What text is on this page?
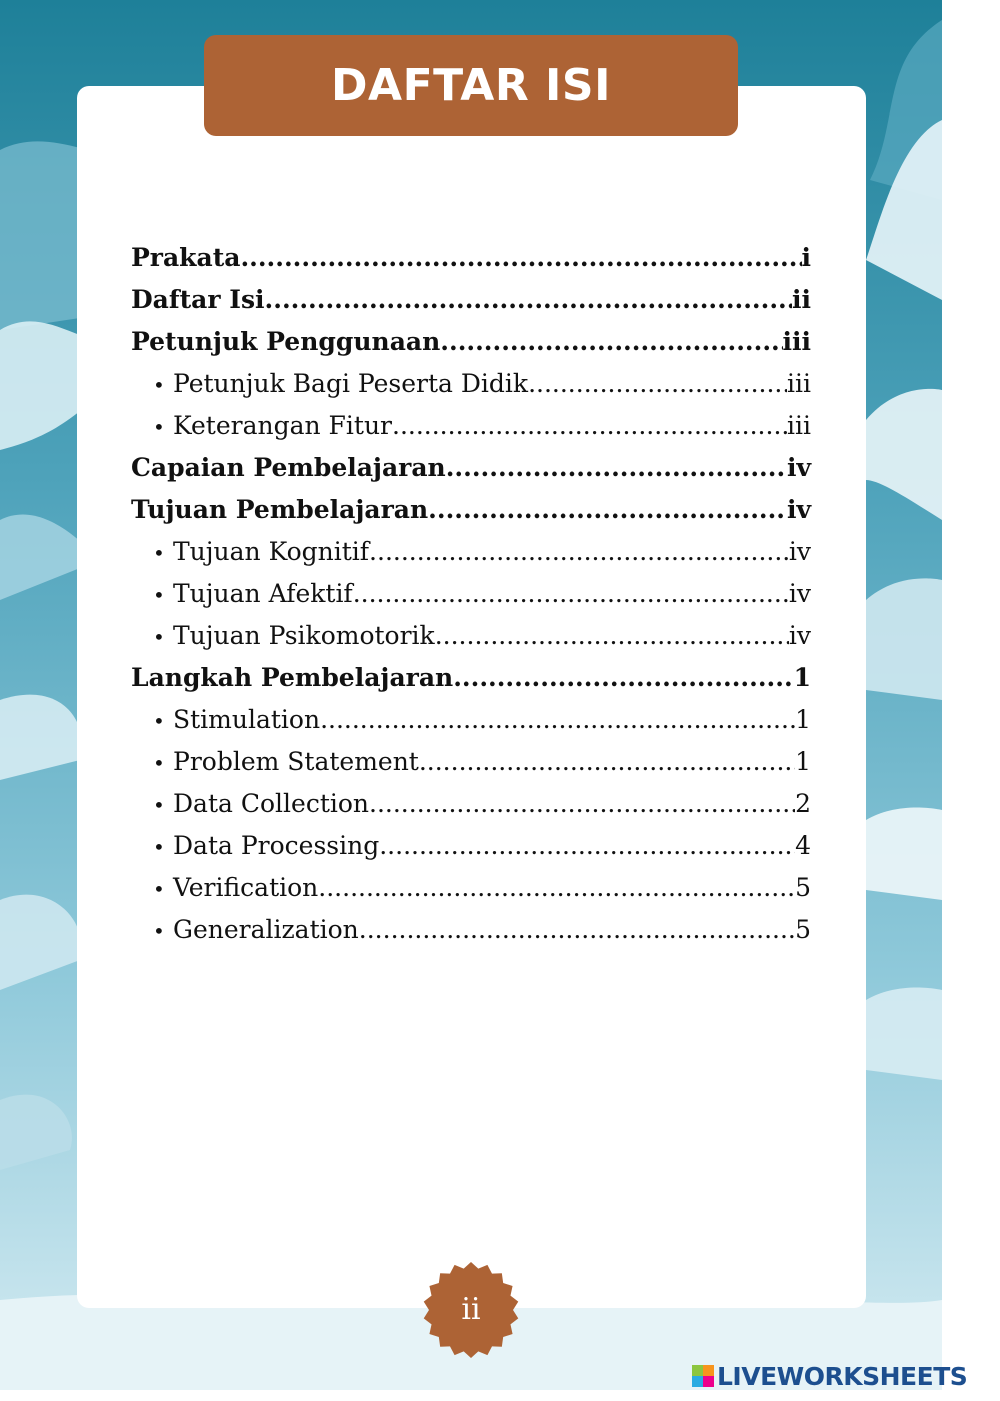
DAFTAR ISI
Prakata .....	i
Daftar Isi .....	ii
Petunjuk Penggunaan .....	iii
• Petunjuk Bagi Peserta Didik .....	iii
• Keterangan Fitur .....	iii
Capaian Pembelajaran .....	iv
Tujuan Pembelajaran .....	iv
• Tujuan Kognitif .....	iv
• Tujuan Afektif .....	iv
• Tujuan Psikomotorik .....	iv
Langkah Pembelajaran .....	1
• Stimulation .....	1
• Problem Statement .....	1
• Data Collection .....	2
• Data Processing .....	4
• Verification .....	5
• Generalization .....	5
ii
LIVEWORKSHEETS
